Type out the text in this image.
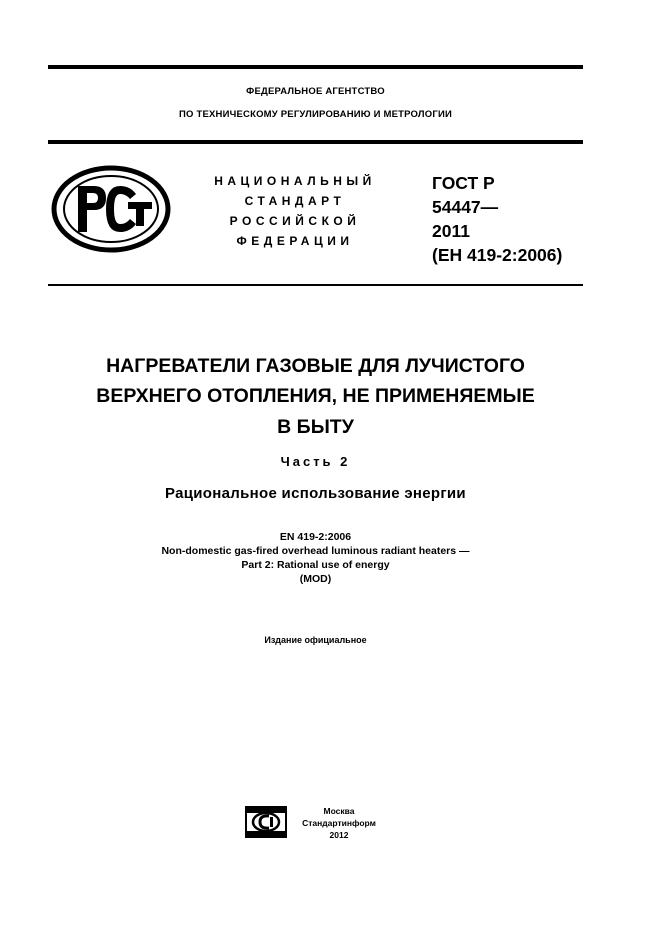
ФЕДЕРАЛЬНОЕ АГЕНТСТВО
ПО ТЕХНИЧЕСКОМУ РЕГУЛИРОВАНИЮ И МЕТРОЛОГИИ
НАЦИОНАЛЬНЫЙ
СТАНДАРТ
РОССИЙСКОЙ
ФЕДЕРАЦИИ
ГОСТ Р
54447—
2011
(ЕН 419-2:2006)
НАГРЕВАТЕЛИ ГАЗОВЫЕ ДЛЯ ЛУЧИСТОГО
ВЕРХНЕГО ОТОПЛЕНИЯ, НЕ ПРИМЕНЯЕМЫЕ
В БЫТУ
Часть 2
Рациональное использование энергии
EN 419-2:2006
Non-domestic gas-fired overhead luminous radiant heaters —
Part 2: Rational use of energy
(MOD)
Издание официальное
Москва
Стандартинформ
2012
